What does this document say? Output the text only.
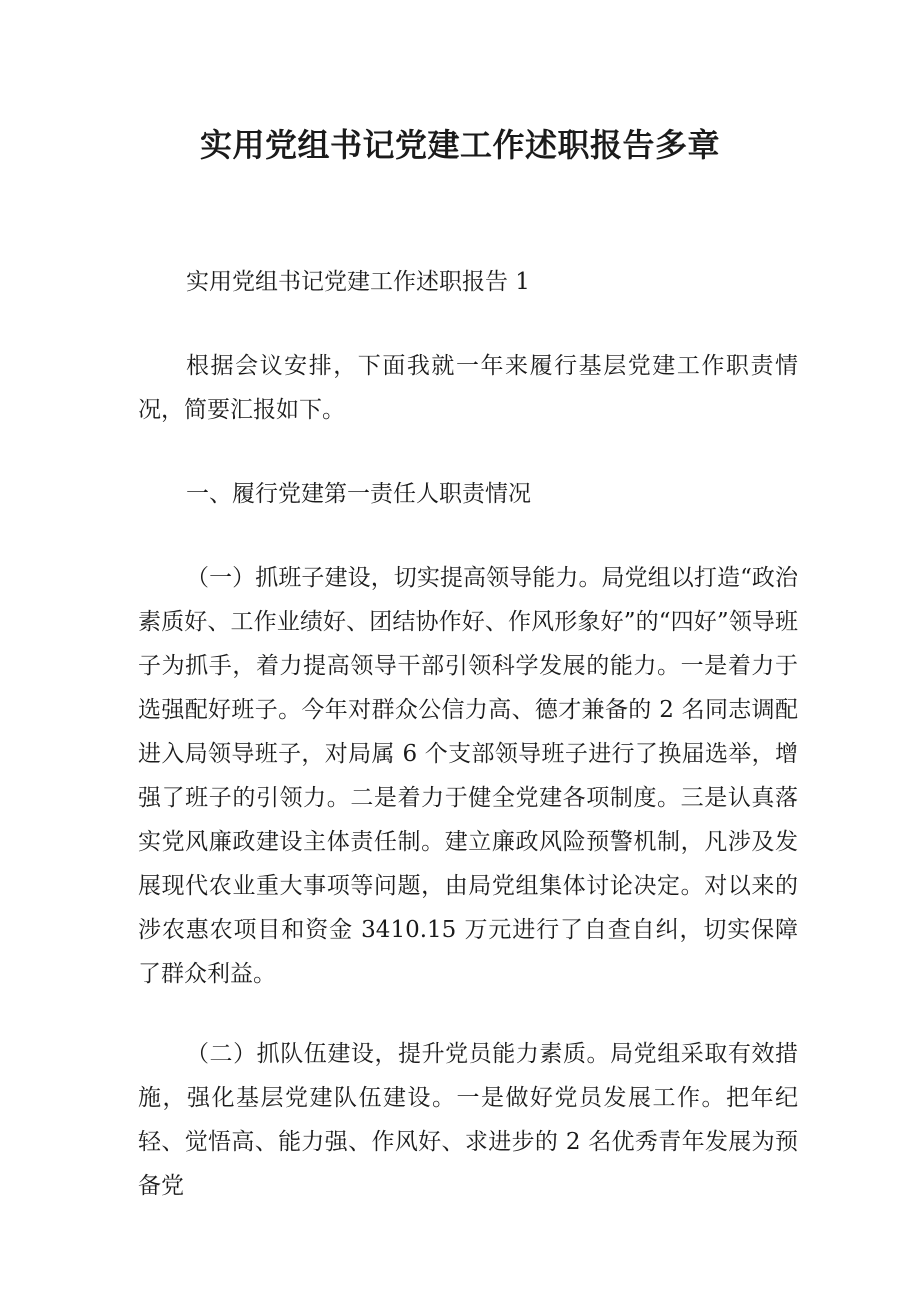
实用党组书记党建工作述职报告多章

实用党组书记党建工作述职报告 1

根据会议安排，下面我就一年来履行基层党建工作职责情况，简要汇报如下。

一、履行党建第一责任人职责情况

（一）抓班子建设，切实提高领导能力。局党组以打造“政治素质好、工作业绩好、团结协作好、作风形象好”的“四好”领导班子为抓手，着力提高领导干部引领科学发展的能力。一是着力于选强配好班子。今年对群众公信力高、德才兼备的 2 名同志调配进入局领导班子，对局属 6 个支部领导班子进行了换届选举，增强了班子的引领力。二是着力于健全党建各项制度。三是认真落实党风廉政建设主体责任制。建立廉政风险预警机制，凡涉及发展现代农业重大事项等问题，由局党组集体讨论决定。对以来的涉农惠农项目和资金 3410.15 万元进行了自查自纠，切实保障了群众利益。

（二）抓队伍建设，提升党员能力素质。局党组采取有效措施，强化基层党建队伍建设。一是做好党员发展工作。把年纪轻、觉悟高、能力强、作风好、求进步的 2 名优秀青年发展为预备党
